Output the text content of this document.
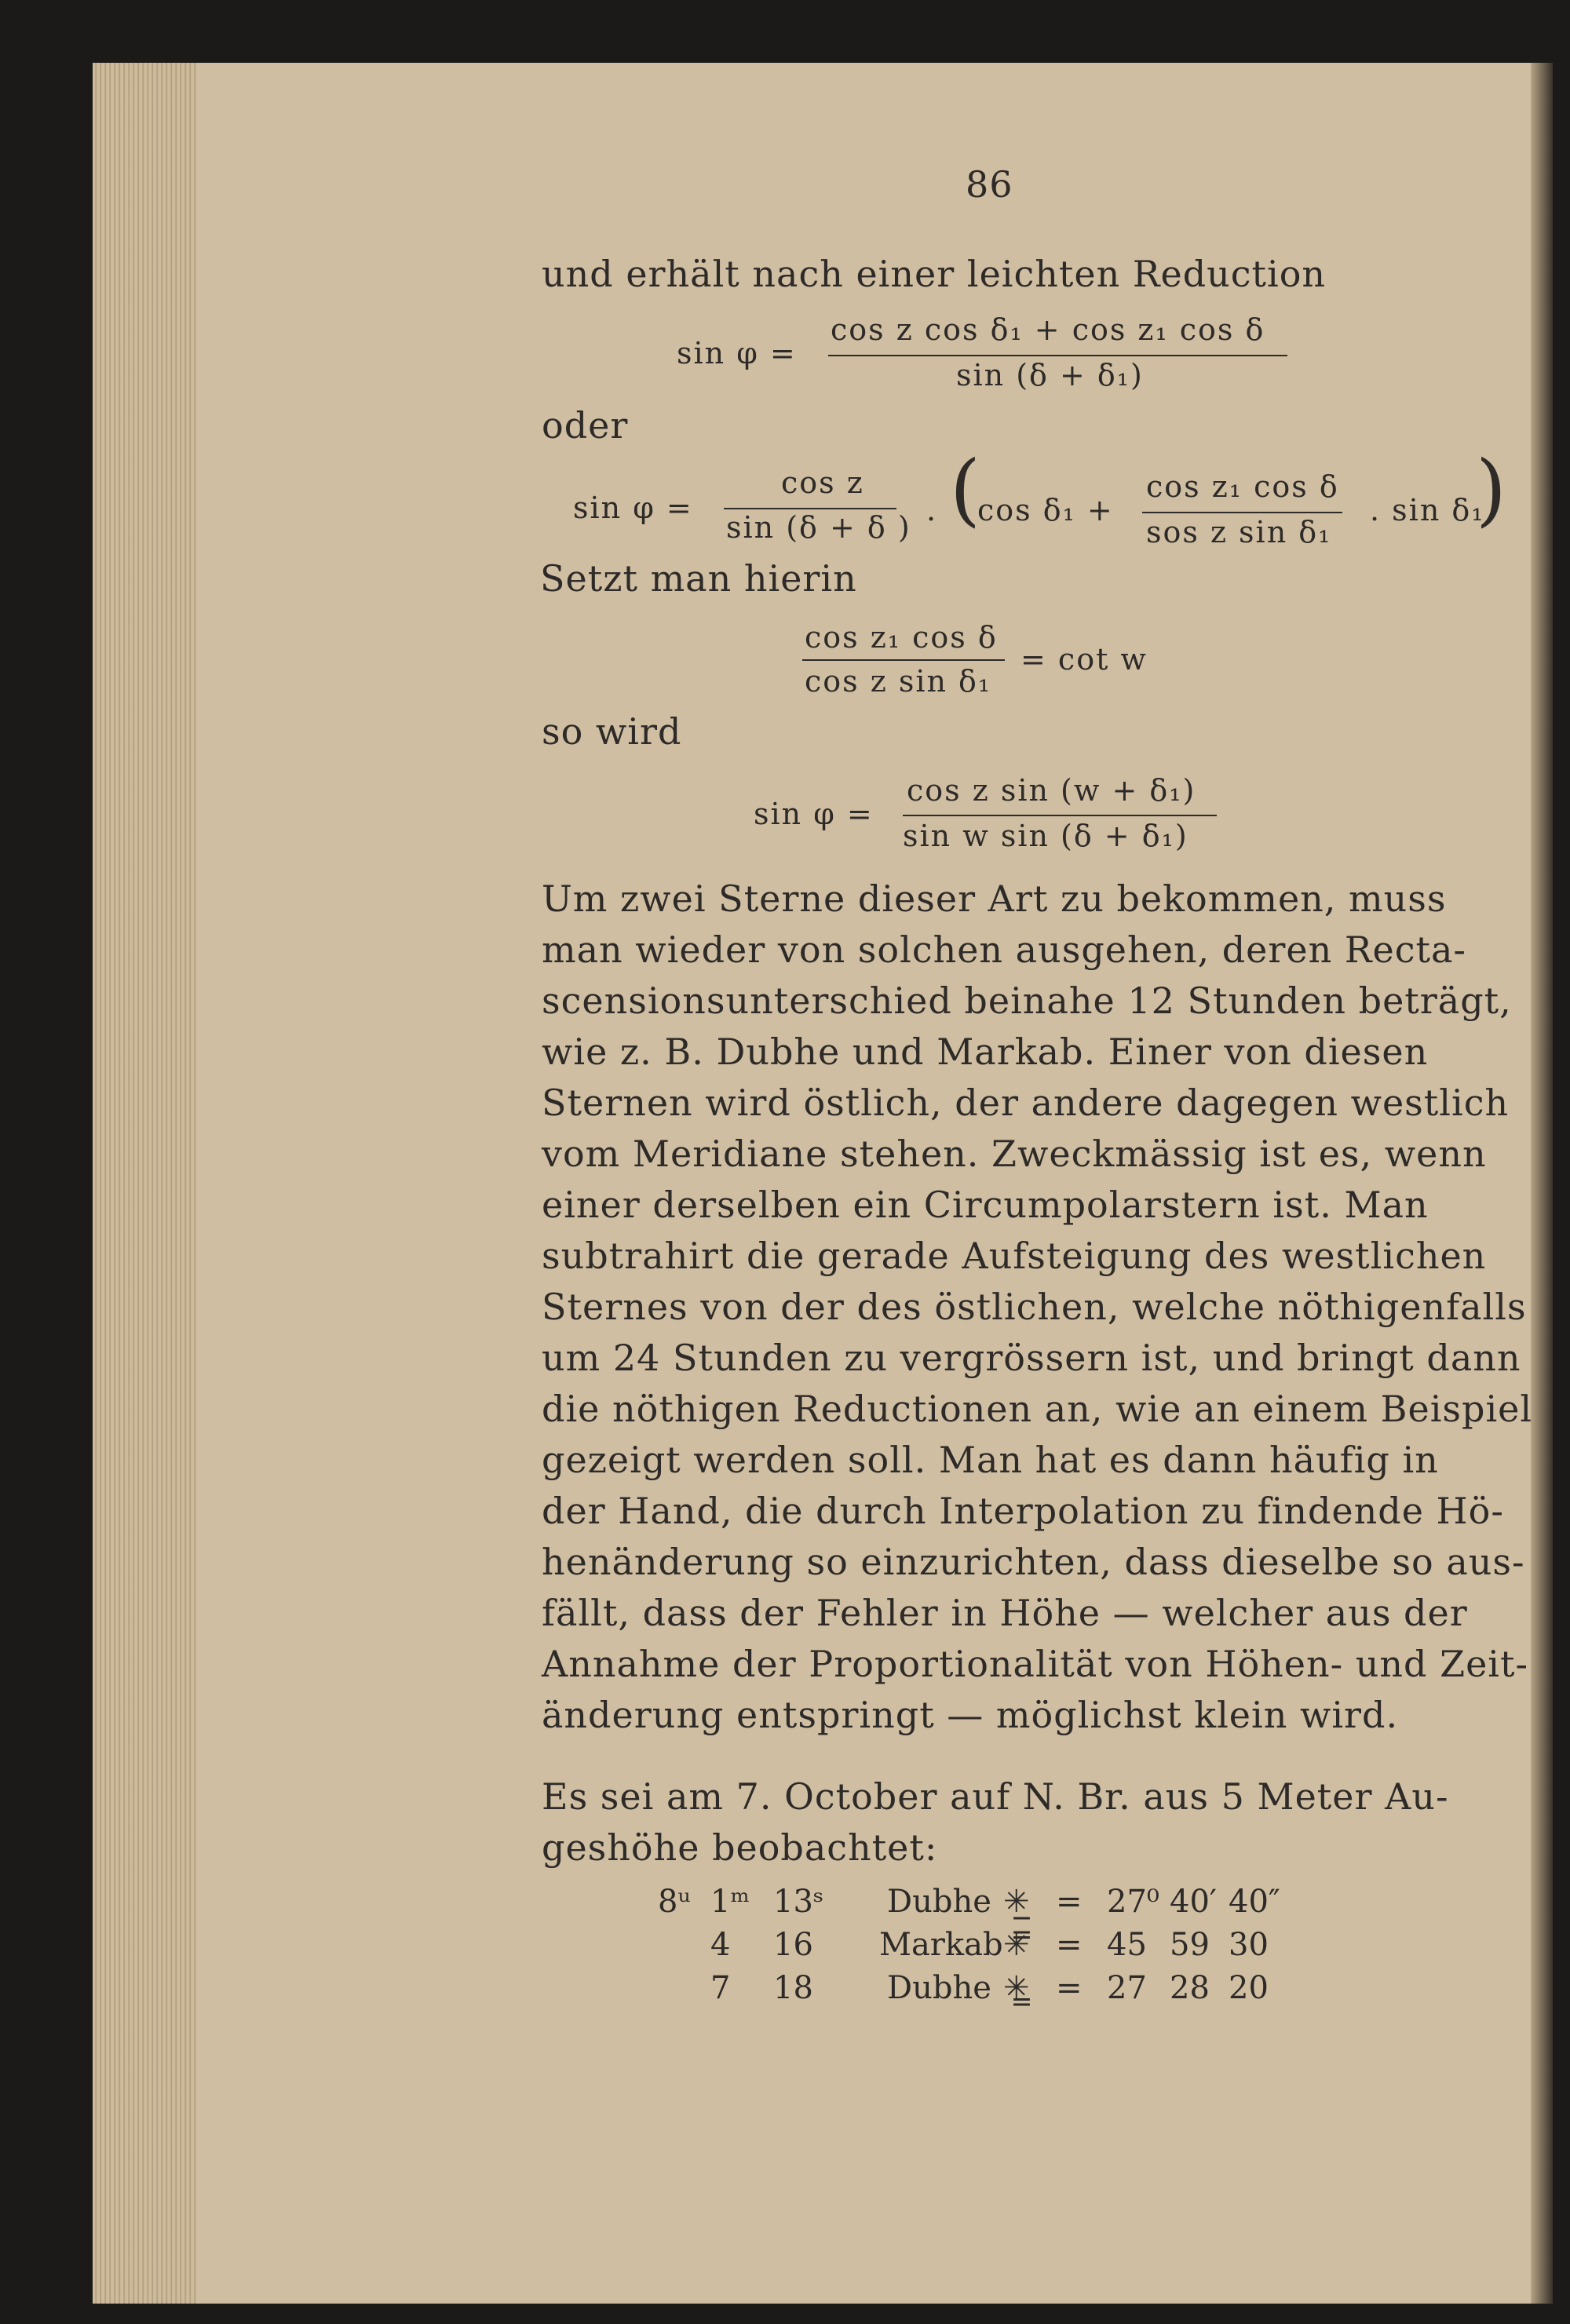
86
und erhält nach einer leichten Reduction
sin φ =
cos z cos δ₁ + cos z₁ cos δ
sin (δ + δ₁)
oder
sin φ =
cos z
sin (δ + δ ) . (
cos δ₁ +
cos z₁ cos δ
sos z sin δ₁
. sin δ₁
)
Setzt man hierin
cos z₁ cos δ
cos z sin δ₁
= cot w
so wird
sin φ =
cos z sin (w + δ₁)
sin w sin (δ + δ₁)
Um zwei Sterne dieser Art zu bekommen, muss
man wieder von solchen ausgehen, deren Recta-
scensionsunterschied beinahe 12 Stunden beträgt,
wie z. B. Dubhe und Markab. Einer von diesen
Sternen wird östlich, der andere dagegen westlich
vom Meridiane stehen. Zweckmässig ist es, wenn
einer derselben ein Circumpolarstern ist. Man
subtrahirt die gerade Aufsteigung des westlichen
Sternes von der des östlichen, welche nöthigenfalls
um 24 Stunden zu vergrössern ist, und bringt dann
die nöthigen Reductionen an, wie an einem Beispiel
gezeigt werden soll. Man hat es dann häufig in
der Hand, die durch Interpolation zu findende Hö-
henänderung so einzurichten, dass dieselbe so aus-
fällt, dass der Fehler in Höhe — welcher aus der
Annahme der Proportionalität von Höhen- und Zeit-
änderung entspringt — möglichst klein wird.
Es sei am 7. October auf N. Br. aus 5 Meter Au-
geshöhe beobachtet:
8ᵘ 1ᵐ 13ˢ Dubhe ✳̲ = 27⁰ 40′ 40″
4 16 Markab ✳̿ = 45 59 30
7 18 Dubhe ✳̳ = 27 28 20
